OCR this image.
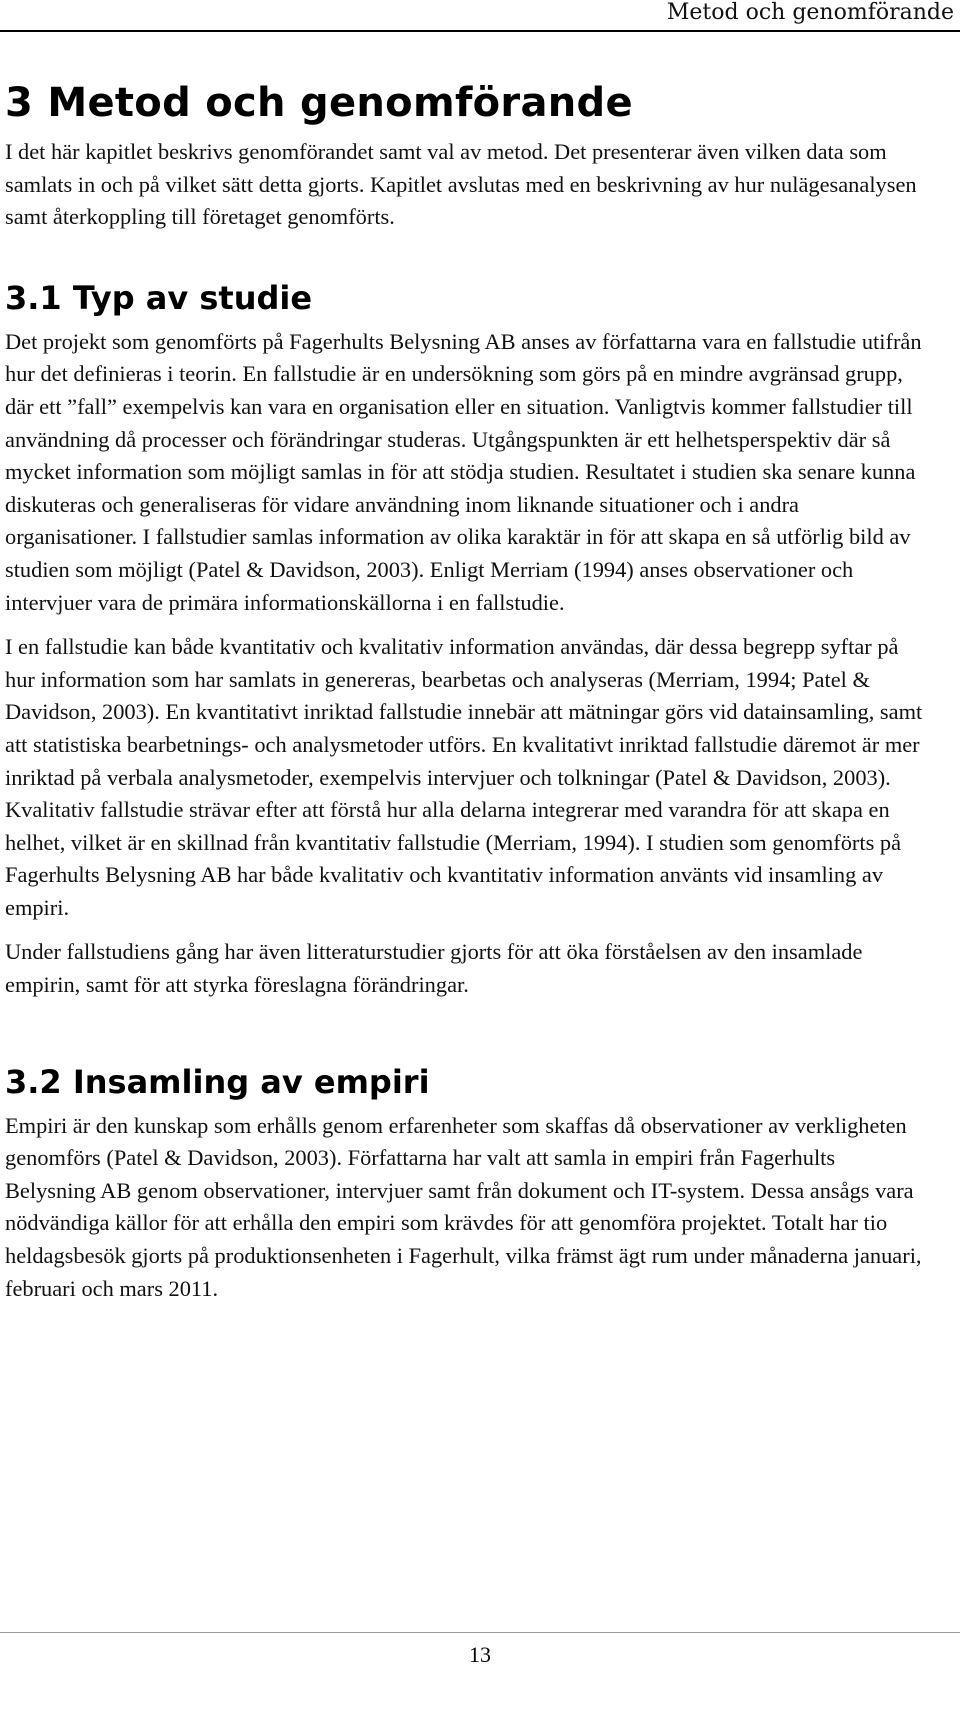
Metod och genomförande
3 Metod och genomförande

I det här kapitlet beskrivs genomförandet samt val av metod. Det presenterar även vilken data som samlats in och på vilket sätt detta gjorts. Kapitlet avslutas med en beskrivning av hur nulägesanalysen samt återkoppling till företaget genomförts.

3.1 Typ av studie

Det projekt som genomförts på Fagerhults Belysning AB anses av författarna vara en fallstudie utifrån hur det definieras i teorin. En fallstudie är en undersökning som görs på en mindre avgränsad grupp, där ett ”fall” exempelvis kan vara en organisation eller en situation. Vanligtvis kommer fallstudier till användning då processer och förändringar studeras. Utgångspunkten är ett helhetsperspektiv där så mycket information som möjligt samlas in för att stödja studien. Resultatet i studien ska senare kunna diskuteras och generaliseras för vidare användning inom liknande situationer och i andra organisationer. I fallstudier samlas information av olika karaktär in för att skapa en så utförlig bild av studien som möjligt (Patel & Davidson, 2003). Enligt Merriam (1994) anses observationer och intervjuer vara de primära informationskällorna i en fallstudie.

I en fallstudie kan både kvantitativ och kvalitativ information användas, där dessa begrepp syftar på hur information som har samlats in genereras, bearbetas och analyseras (Merriam, 1994; Patel & Davidson, 2003). En kvantitativt inriktad fallstudie innebär att mätningar görs vid datainsamling, samt att statistiska bearbetnings- och analysmetoder utförs. En kvalitativt inriktad fallstudie däremot är mer inriktad på verbala analysmetoder, exempelvis intervjuer och tolkningar (Patel & Davidson, 2003). Kvalitativ fallstudie strävar efter att förstå hur alla delarna integrerar med varandra för att skapa en helhet, vilket är en skillnad från kvantitativ fallstudie (Merriam, 1994). I studien som genomförts på Fagerhults Belysning AB har både kvalitativ och kvantitativ information använts vid insamling av empiri.

Under fallstudiens gång har även litteraturstudier gjorts för att öka förståelsen av den insamlade empirin, samt för att styrka föreslagna förändringar.

3.2 Insamling av empiri

Empiri är den kunskap som erhålls genom erfarenheter som skaffas då observationer av verkligheten genomförs (Patel & Davidson, 2003). Författarna har valt att samla in empiri från Fagerhults Belysning AB genom observationer, intervjuer samt från dokument och IT-system. Dessa ansågs vara nödvändiga källor för att erhålla den empiri som krävdes för att genomföra projektet. Totalt har tio heldagsbesök gjorts på produktionsenheten i Fagerhult, vilka främst ägt rum under månaderna januari, februari och mars 2011.

13
